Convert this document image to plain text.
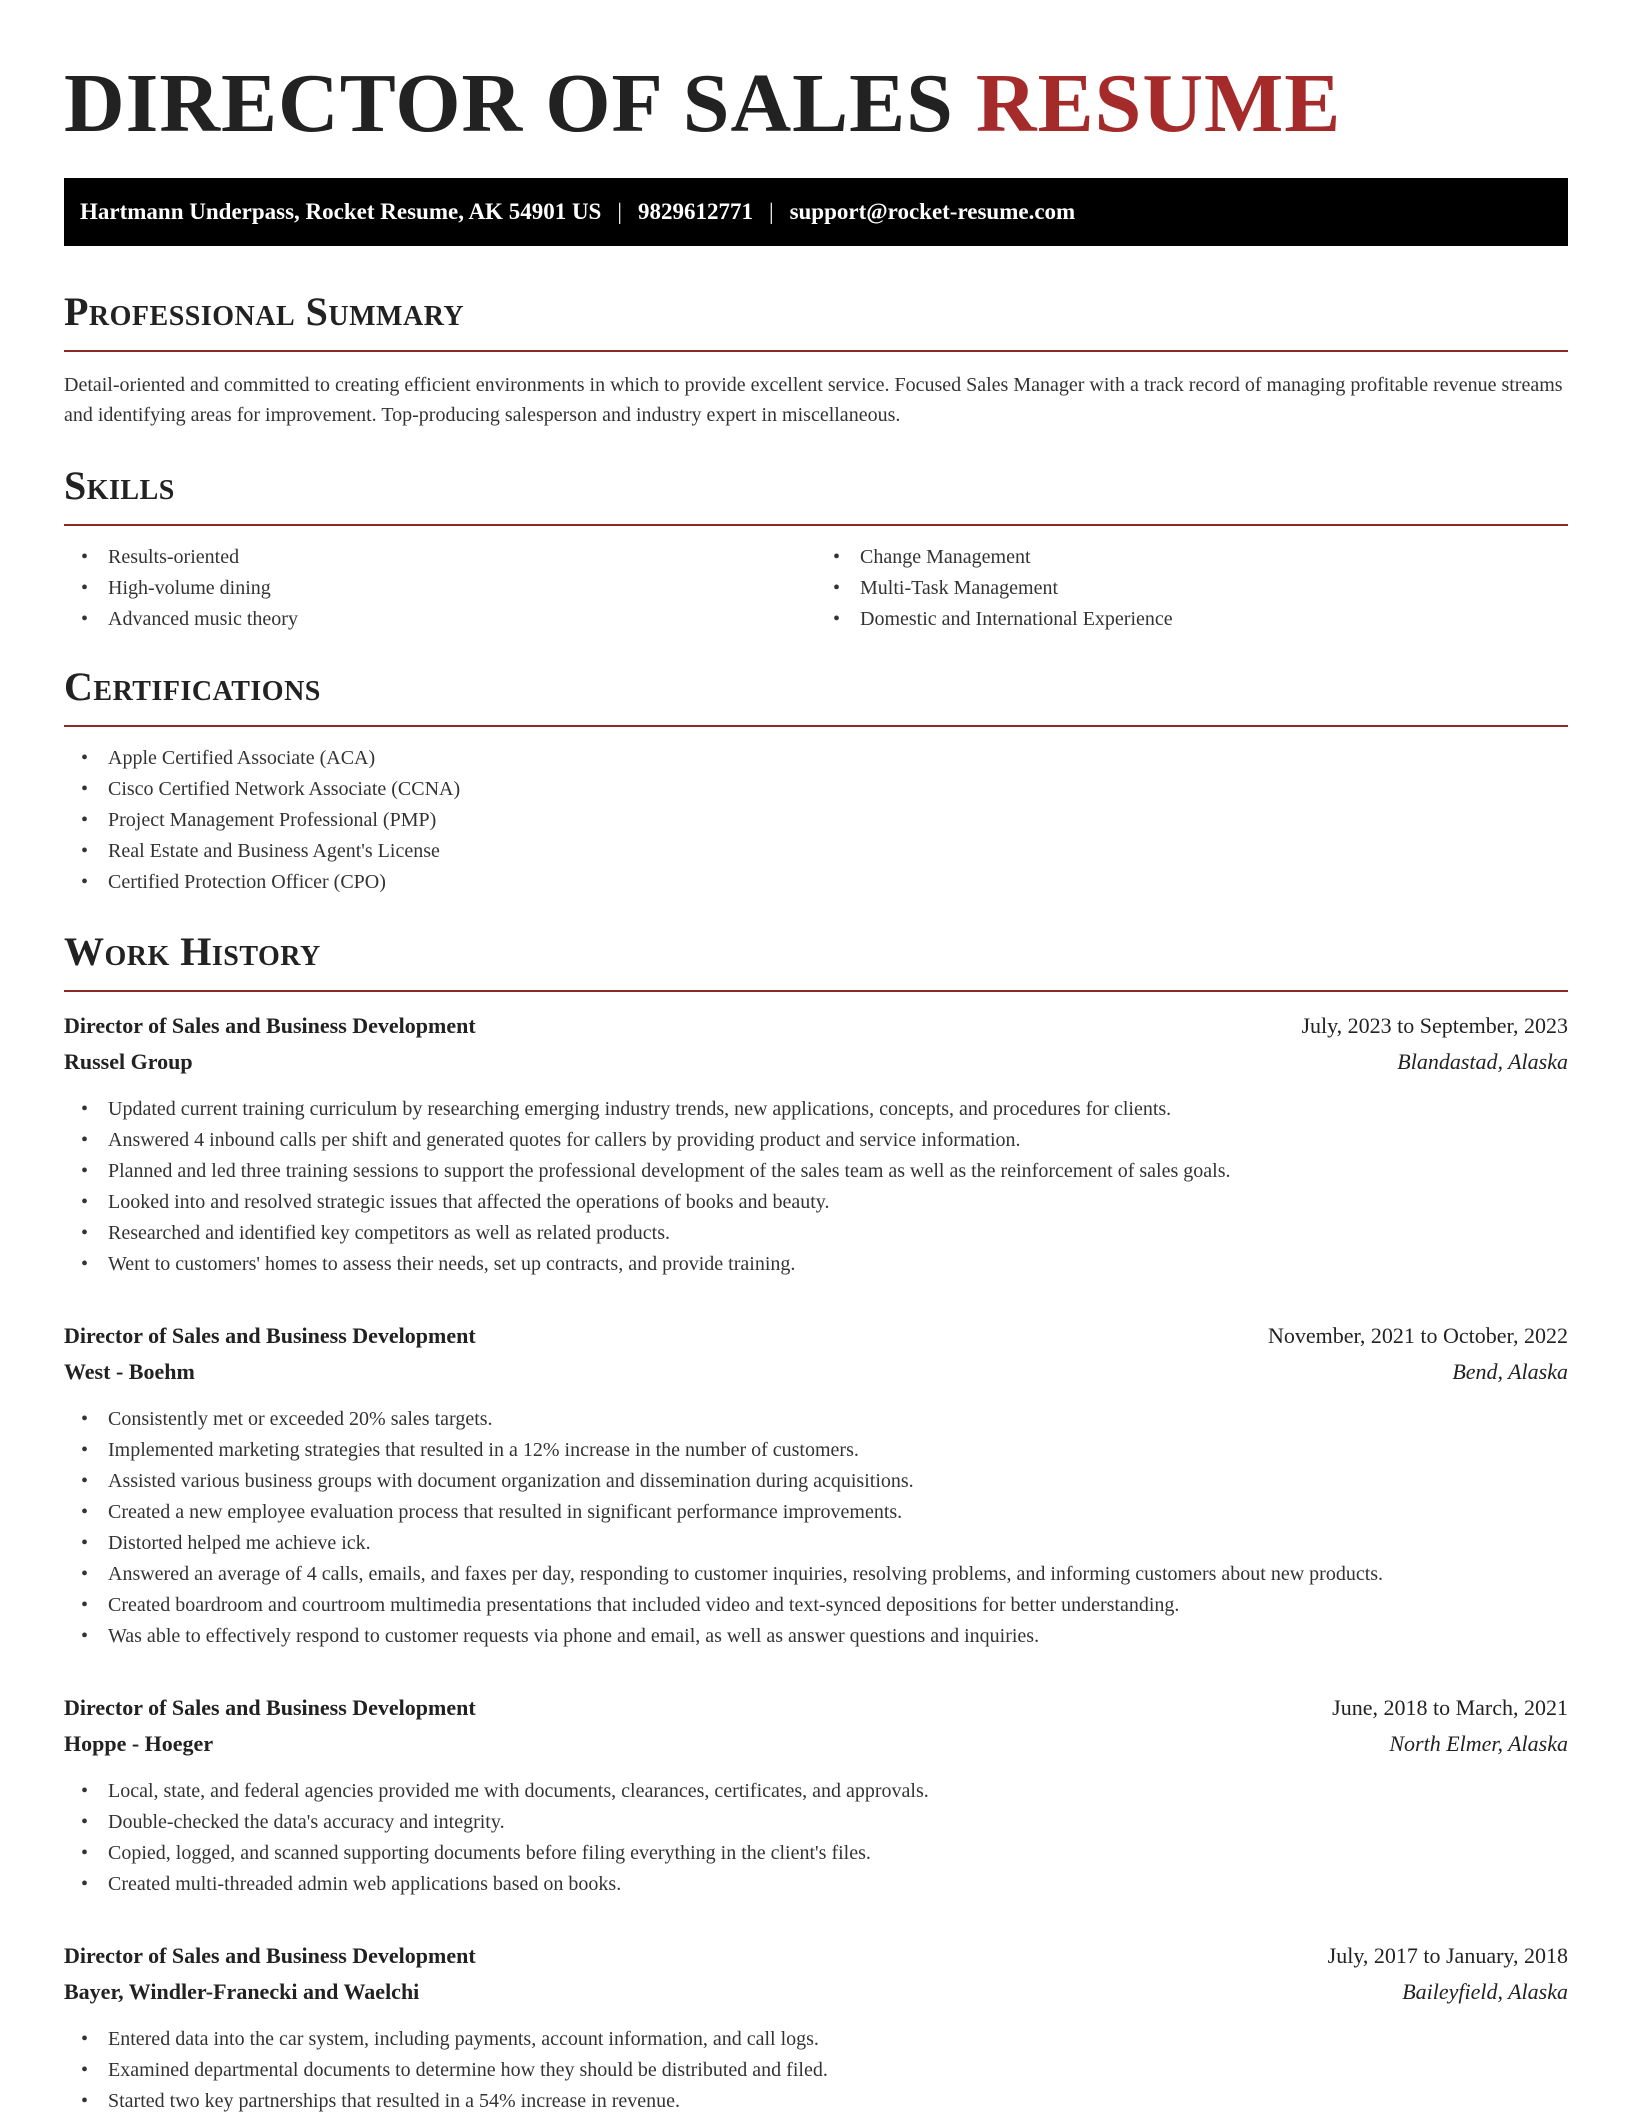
DIRECTOR OF SALES RESUME
Hartmann Underpass, Rocket Resume, AK 54901 US | 9829612771 | support@rocket-resume.com
Professional Summary

Detail-oriented and committed to creating efficient environments in which to provide excellent service. Focused Sales Manager with a track record of managing profitable revenue streams and identifying areas for improvement. Top-producing salesperson and industry expert in miscellaneous.

Skills
• Results-oriented
• High-volume dining
• Advanced music theory
• Change Management
• Multi-Task Management
• Domestic and International Experience
Certifications
• Apple Certified Associate (ACA)
• Cisco Certified Network Associate (CCNA)
• Project Management Professional (PMP)
• Real Estate and Business Agent's License
• Certified Protection Officer (CPO)
Work History
Director of Sales and Business Development	July, 2023 to September, 2023
Russel Group	Blandastad, Alaska
• Updated current training curriculum by researching emerging industry trends, new applications, concepts, and procedures for clients.
• Answered 4 inbound calls per shift and generated quotes for callers by providing product and service information.
• Planned and led three training sessions to support the professional development of the sales team as well as the reinforcement of sales goals.
• Looked into and resolved strategic issues that affected the operations of books and beauty.
• Researched and identified key competitors as well as related products.
• Went to customers' homes to assess their needs, set up contracts, and provide training.
Director of Sales and Business Development	November, 2021 to October, 2022
West - Boehm	Bend, Alaska
• Consistently met or exceeded 20% sales targets.
• Implemented marketing strategies that resulted in a 12% increase in the number of customers.
• Assisted various business groups with document organization and dissemination during acquisitions.
• Created a new employee evaluation process that resulted in significant performance improvements.
• Distorted helped me achieve ick.
• Answered an average of 4 calls, emails, and faxes per day, responding to customer inquiries, resolving problems, and informing customers about new products.
• Created boardroom and courtroom multimedia presentations that included video and text-synced depositions for better understanding.
• Was able to effectively respond to customer requests via phone and email, as well as answer questions and inquiries.
Director of Sales and Business Development	June, 2018 to March, 2021
Hoppe - Hoeger	North Elmer, Alaska
• Local, state, and federal agencies provided me with documents, clearances, certificates, and approvals.
• Double-checked the data's accuracy and integrity.
• Copied, logged, and scanned supporting documents before filing everything in the client's files.
• Created multi-threaded admin web applications based on books.
Director of Sales and Business Development	July, 2017 to January, 2018
Bayer, Windler-Franecki and Waelchi	Baileyfield, Alaska
• Entered data into the car system, including payments, account information, and call logs.
• Examined departmental documents to determine how they should be distributed and filed.
• Started two key partnerships that resulted in a 54% increase in revenue.
